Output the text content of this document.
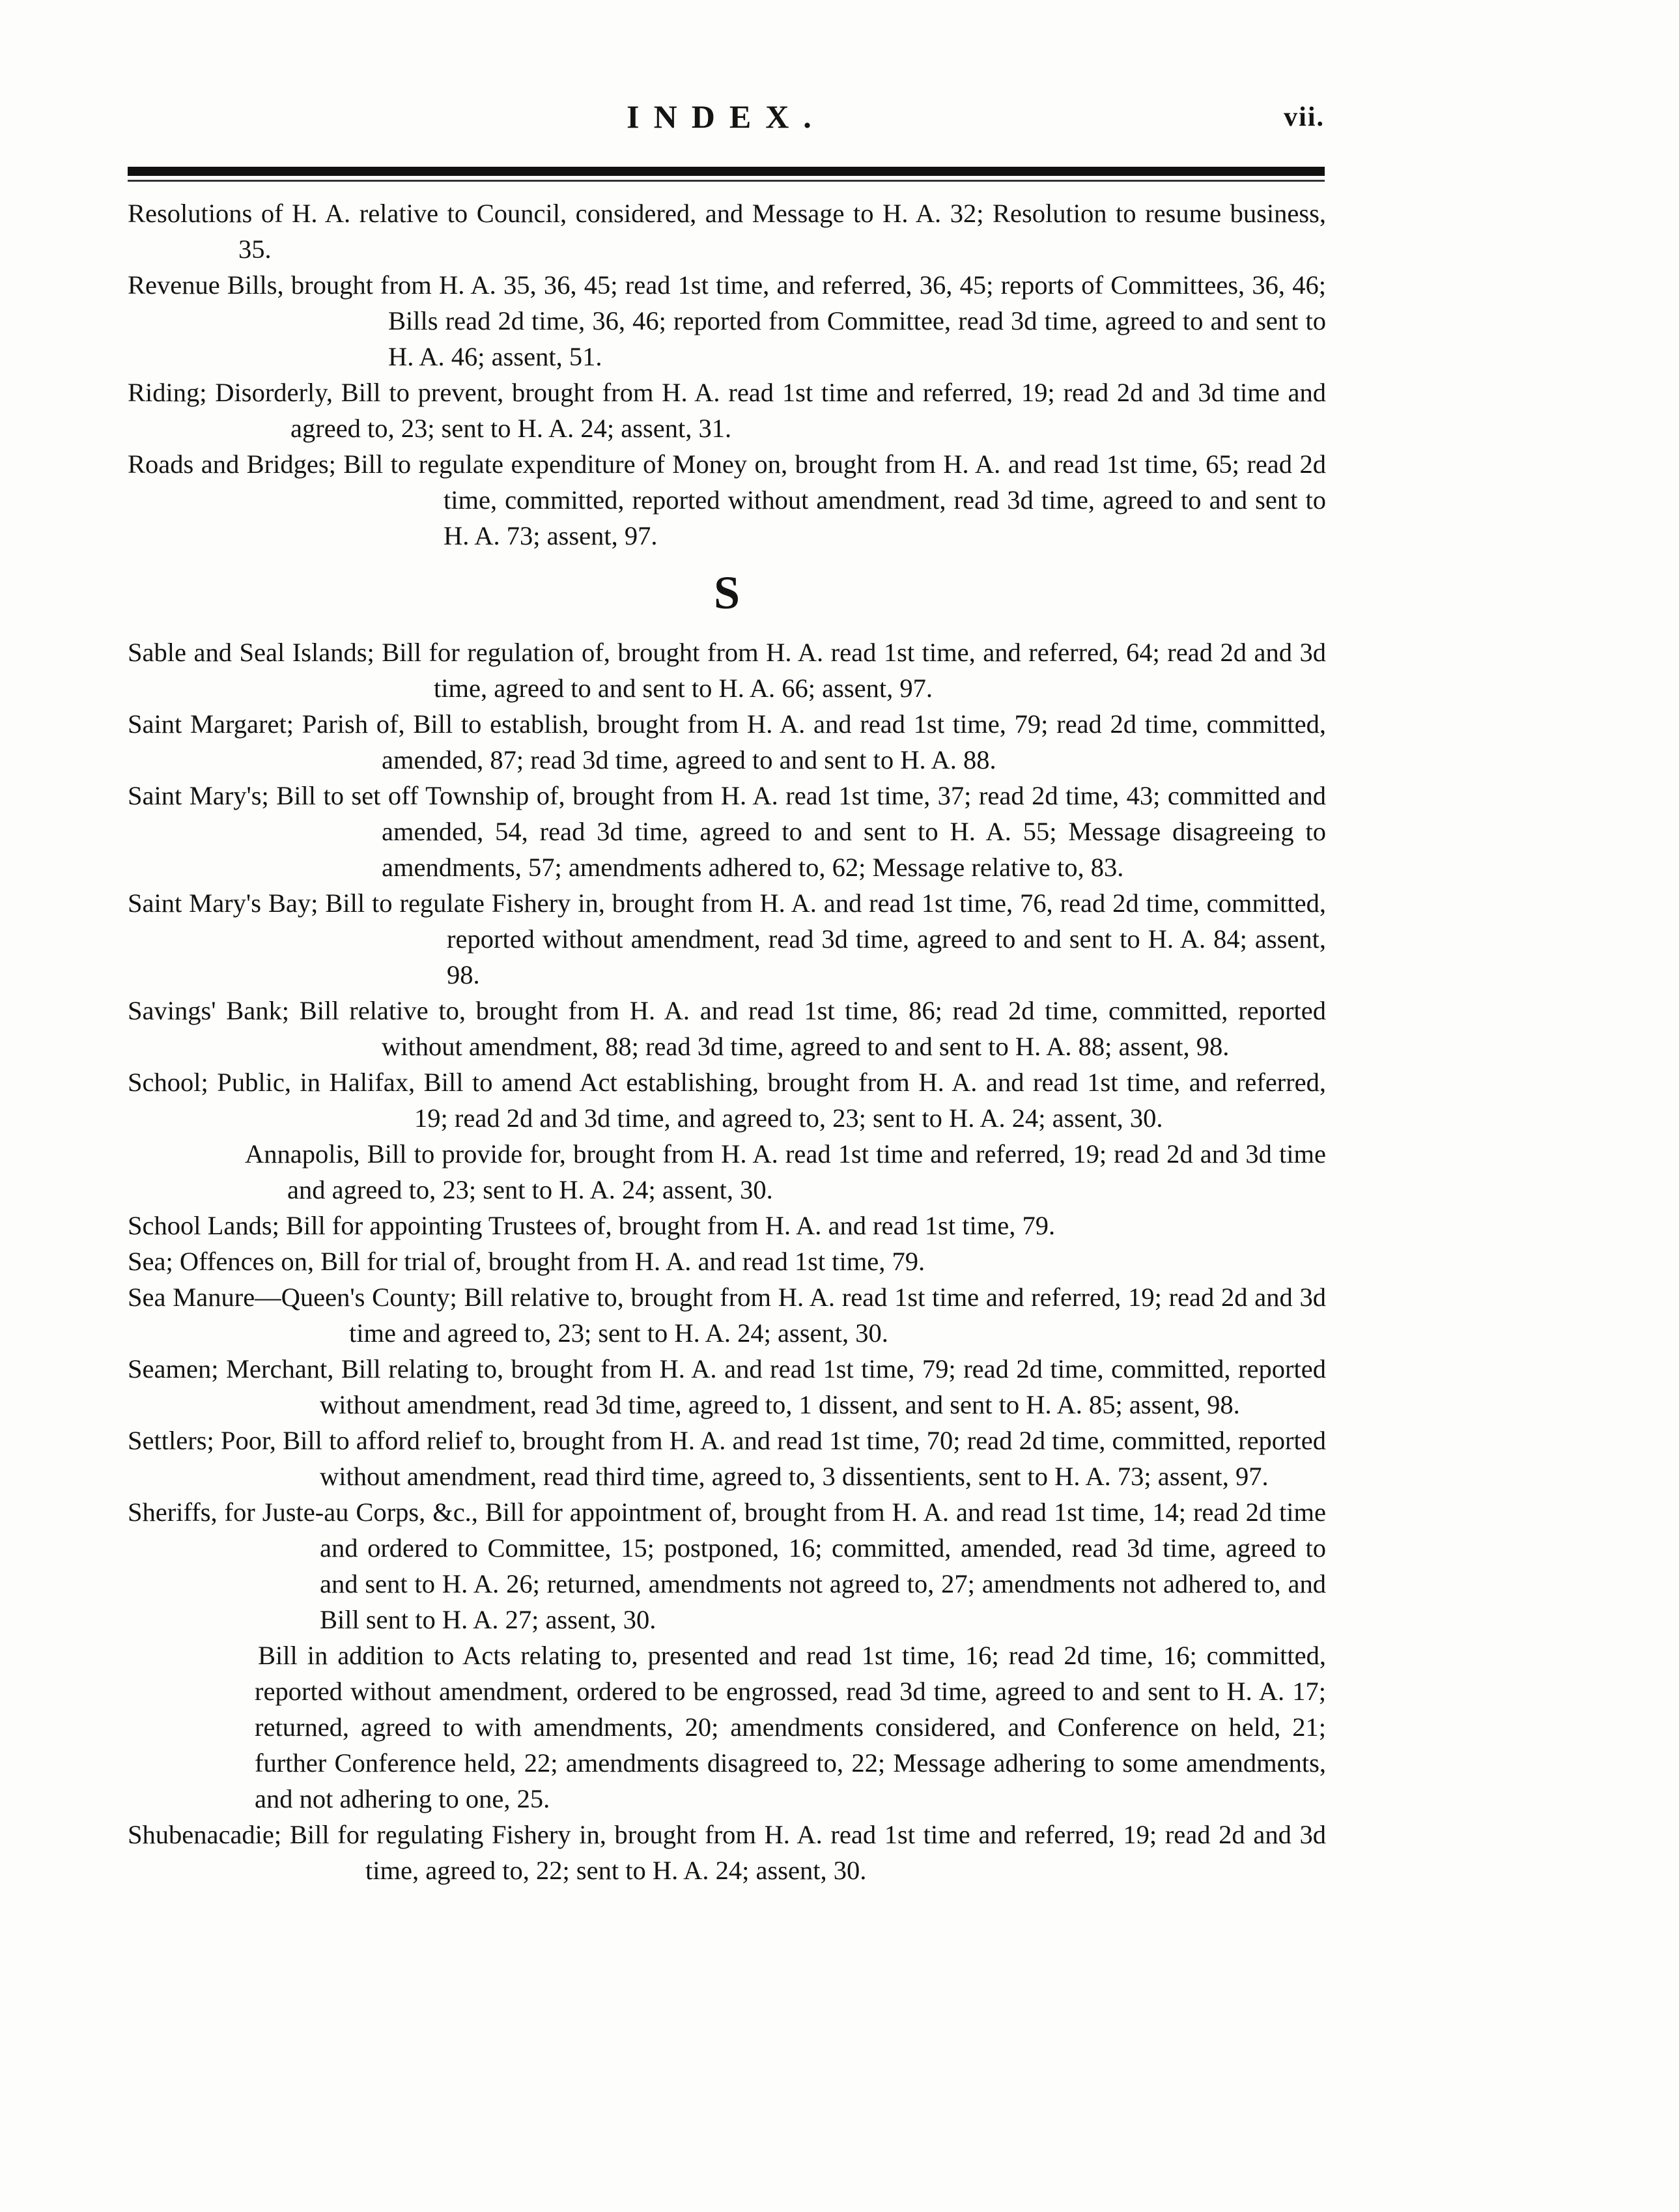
INDEX.	vii.

Resolutions of H. A. relative to Council, considered, and Message to H. A. 32; Resolution to resume business, 35.

Revenue Bills, brought from H. A. 35, 36, 45; read 1st time, and referred, 36, 45; reports of Committees, 36, 46; Bills read 2d time, 36, 46; reported from Committee, read 3d time, agreed to and sent to H. A. 46; assent, 51.

Riding; Disorderly, Bill to prevent, brought from H. A. read 1st time and referred, 19; read 2d and 3d time and agreed to, 23; sent to H. A. 24; assent, 31.

Roads and Bridges; Bill to regulate expenditure of Money on, brought from H. A. and read 1st time, 65; read 2d time, committed, reported without amendment, read 3d time, agreed to and sent to H. A. 73; assent, 97.

S

Sable and Seal Islands; Bill for regulation of, brought from H. A. read 1st time, and referred, 64; read 2d and 3d time, agreed to and sent to H. A. 66; assent, 97.

Saint Margaret; Parish of, Bill to establish, brought from H. A. and read 1st time, 79; read 2d time, committed, amended, 87; read 3d time, agreed to and sent to H. A. 88.

Saint Mary's; Bill to set off Township of, brought from H. A. read 1st time, 37; read 2d time, 43; committed and amended, 54, read 3d time, agreed to and sent to H. A. 55; Message disagreeing to amendments, 57; amendments adhered to, 62; Message relative to, 83.

Saint Mary's Bay; Bill to regulate Fishery in, brought from H. A. and read 1st time, 76, read 2d time, committed, reported without amendment, read 3d time, agreed to and sent to H. A. 84; assent, 98.

Savings' Bank; Bill relative to, brought from H. A. and read 1st time, 86; read 2d time, committed, reported without amendment, 88; read 3d time, agreed to and sent to H. A. 88; assent, 98.

School; Public, in Halifax, Bill to amend Act establishing, brought from H. A. and read 1st time, and referred, 19; read 2d and 3d time, and agreed to, 23; sent to H. A. 24; assent, 30.

Annapolis, Bill to provide for, brought from H. A. read 1st time and referred, 19; read 2d and 3d time and agreed to, 23; sent to H. A. 24; assent, 30.

School Lands; Bill for appointing Trustees of, brought from H. A. and read 1st time, 79.

Sea; Offences on, Bill for trial of, brought from H. A. and read 1st time, 79.

Sea Manure—Queen's County; Bill relative to, brought from H. A. read 1st time and referred, 19; read 2d and 3d time and agreed to, 23; sent to H. A. 24; assent, 30.

Seamen; Merchant, Bill relating to, brought from H. A. and read 1st time, 79; read 2d time, committed, reported without amendment, read 3d time, agreed to, 1 dissent, and sent to H. A. 85; assent, 98.

Settlers; Poor, Bill to afford relief to, brought from H. A. and read 1st time, 70; read 2d time, committed, reported without amendment, read third time, agreed to, 3 dissentients, sent to H. A. 73; assent, 97.

Sheriffs, for Juste-au Corps, &c., Bill for appointment of, brought from H. A. and read 1st time, 14; read 2d time and ordered to Committee, 15; postponed, 16; committed, amended, read 3d time, agreed to and sent to H. A. 26; returned, amendments not agreed to, 27; amendments not adhered to, and Bill sent to H. A. 27; assent, 30.

Bill in addition to Acts relating to, presented and read 1st time, 16; read 2d time, 16; committed, reported without amendment, ordered to be engrossed, read 3d time, agreed to and sent to H. A. 17; returned, agreed to with amendments, 20; amendments considered, and Conference on held, 21; further Conference held, 22; amendments disagreed to, 22; Message adhering to some amendments, and not adhering to one, 25.

Shubenacadie; Bill for regulating Fishery in, brought from H. A. read 1st time and referred, 19; read 2d and 3d time, agreed to, 22; sent to H. A. 24; assent, 30.
